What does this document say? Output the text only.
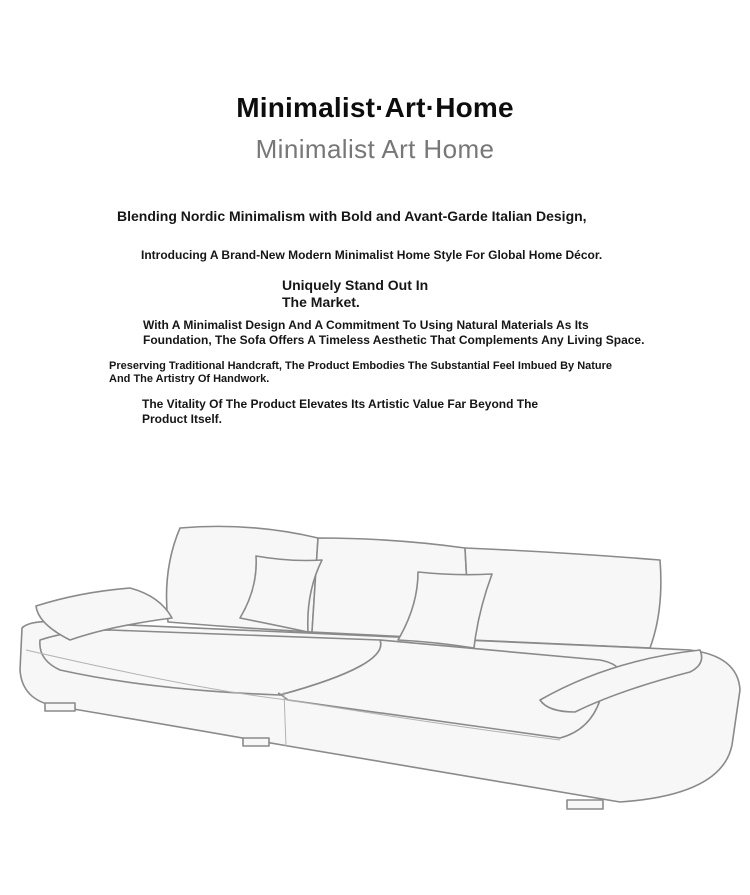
Minimalist·Art·Home
Minimalist Art Home
Blending Nordic Minimalism with Bold and Avant-Garde Italian Design,
Introducing A Brand-New Modern Minimalist Home Style For Global Home Décor.
Uniquely Stand Out In
The Market.
With A Minimalist Design And A Commitment To Using Natural Materials As Its
Foundation, The Sofa Offers A Timeless Aesthetic That Complements Any Living Space.
Preserving Traditional Handcraft, The Product Embodies The Substantial Feel Imbued By Nature
And The Artistry Of Handwork.
The Vitality Of The Product Elevates Its Artistic Value Far Beyond The
Product Itself.
